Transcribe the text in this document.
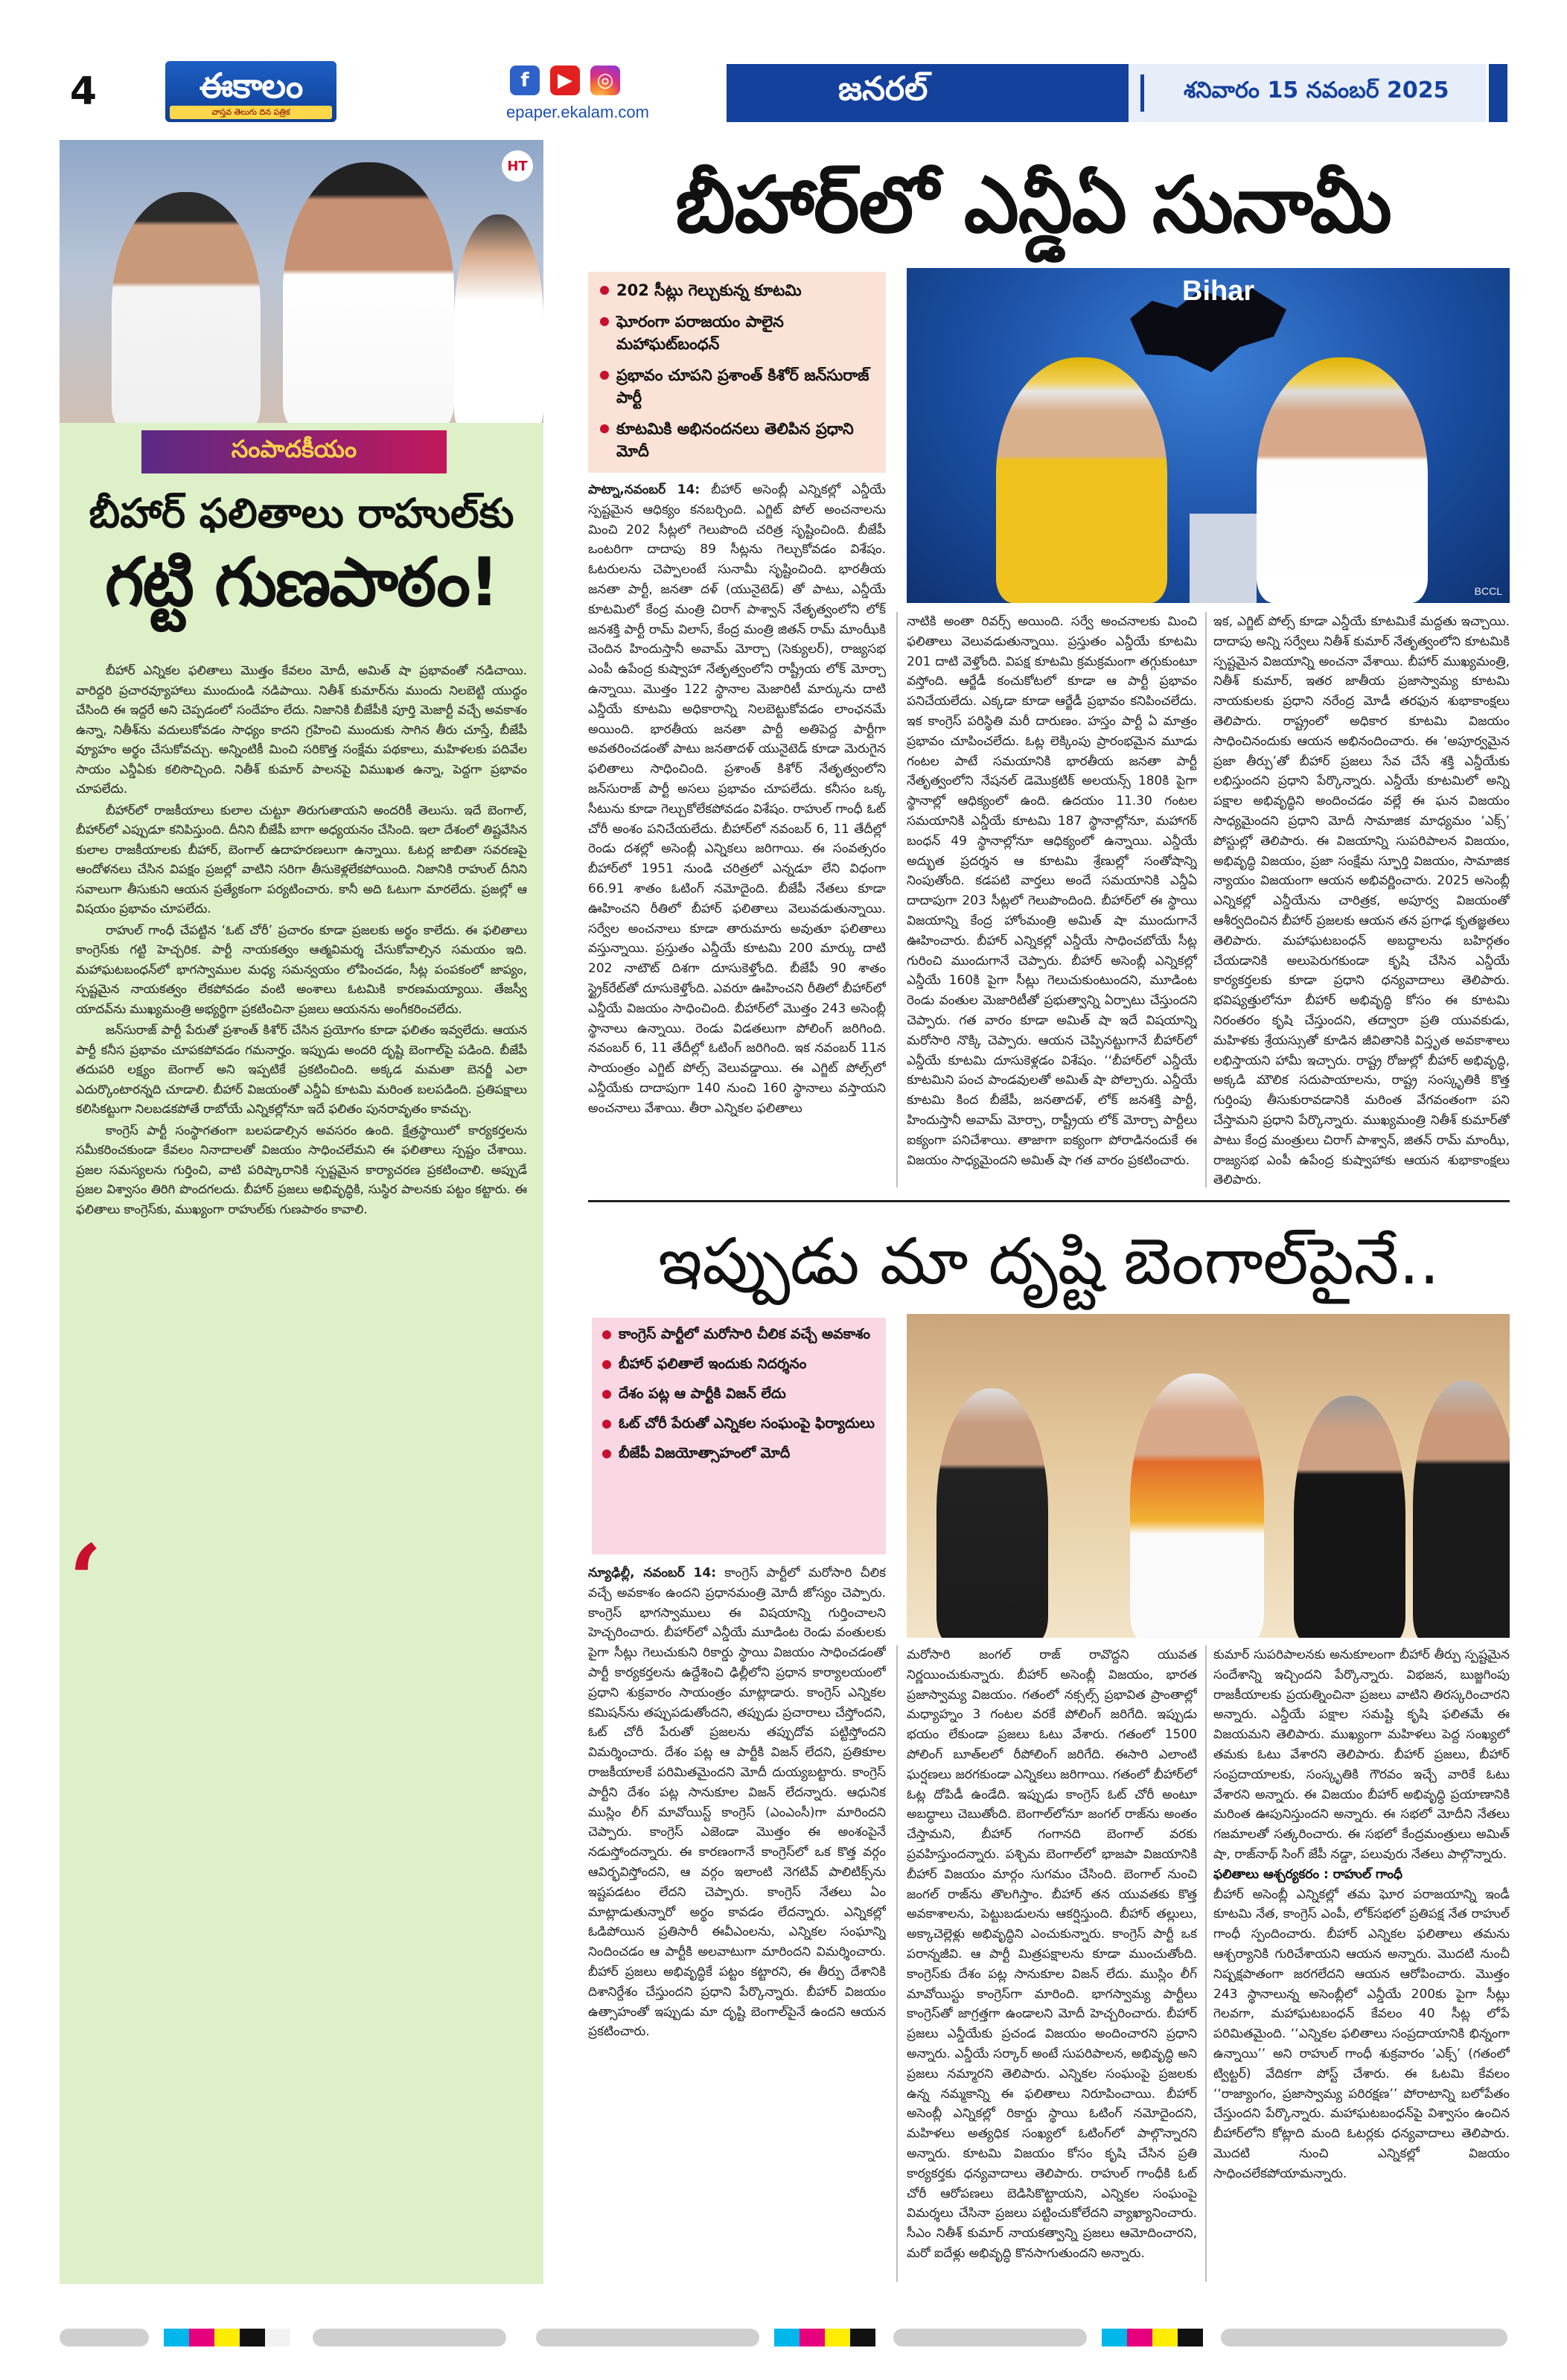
4	ఈకాలం
వాస్తవ తెలుగు దిన పత్రిక
f	▶	◎
epaper.ekalam.com
జనరల్	శనివారం 15 నవంబర్ 2025
HT
సంపాదకీయం
బీహార్ ఫలితాలు రాహుల్‌కు
గట్టి గుణపాఠం!

బీహార్ ఎన్నికల ఫలితాలు మొత్తం కేవలం మోదీ, అమిత్ షా ప్రభావంతో నడిచాయి. వారిద్దరి ప్రచారవ్యూహాలు ముందుండి నడిపాయి. నితీశ్ కుమార్‌ను ముందు నిలబెట్టి యుద్ధం చేసింది ఈ ఇద్దరే అని చెప్పడంలో సందేహం లేదు. నిజానికి బీజేపీకి పూర్తి మెజార్టీ వచ్చే అవకాశం ఉన్నా, నితీశ్‌ను వదులుకోవడం సాధ్యం కాదని గ్రహించి ముందుకు సాగిన తీరు చూస్తే, బీజేపీ వ్యూహం అర్థం చేసుకోవచ్చు. అన్నింటికీ మించి సరికొత్త సంక్షేమ పథకాలు, మహిళలకు పదివేల సాయం ఎన్డీఏకు కలిసొచ్చింది. నితీశ్ కుమార్ పాలనపై విముఖత ఉన్నా, పెద్దగా ప్రభావం చూపలేదు.

బీహార్‌లో రాజకీయాలు కులాల చుట్టూ తిరుగుతాయని అందరికీ తెలుసు. ఇదే బెంగాల్, బీహార్‌లో ఎప్పుడూ కనిపిస్తుంది. దీనిని బీజేపీ బాగా అధ్యయనం చేసింది. ఇలా దేశంలో తిష్టవేసిన కులాల రాజకీయాలకు బీహార్, బెంగాల్ ఉదాహరణలుగా ఉన్నాయి. ఓటర్ల జాబితా సవరణపై ఆందోళనలు చేసిన విపక్షం ప్రజల్లో వాటిని సరిగా తీసుకెళ్లలేకపోయింది. నిజానికి రాహుల్ దీనిని సవాలుగా తీసుకుని ఆయన ప్రత్యేకంగా పర్యటించారు. కానీ అది ఓటుగా మారలేదు. ప్రజల్లో ఆ విషయం ప్రభావం చూపలేదు.

రాహుల్ గాంధీ చేపట్టిన ‘ఓట్ చోరీ’ ప్రచారం కూడా ప్రజలకు అర్థం కాలేదు. ఈ ఫలితాలు కాంగ్రెస్‌కు గట్టి హెచ్చరిక. పార్టీ నాయకత్వం ఆత్మవిమర్శ చేసుకోవాల్సిన సమయం ఇది. మహాఘటబంధన్‌లో భాగస్వాముల మధ్య సమన్వయం లోపించడం, సీట్ల పంపకంలో జాప్యం, స్పష్టమైన నాయకత్వం లేకపోవడం వంటి అంశాలు ఓటమికి కారణమయ్యాయి. తేజస్వీ యాదవ్‌ను ముఖ్యమంత్రి అభ్యర్థిగా ప్రకటించినా ప్రజలు ఆయనను అంగీకరించలేదు.

జన్‌సురాజ్ పార్టీ పేరుతో ప్రశాంత్ కిశోర్ చేసిన ప్రయోగం కూడా ఫలితం ఇవ్వలేదు. ఆయన పార్టీ కనీస ప్రభావం చూపకపోవడం గమనార్హం. ఇప్పుడు అందరి దృష్టి బెంగాల్‌పై పడింది. బీజేపీ తదుపరి లక్ష్యం బెంగాల్ అని ఇప్పటికే ప్రకటించింది. అక్కడ మమతా బెనర్జీ ఎలా ఎదుర్కొంటారన్నది చూడాలి. బీహార్ విజయంతో ఎన్డీఏ కూటమి మరింత బలపడింది. ప్రతిపక్షాలు కలిసికట్టుగా నిలబడకపోతే రాబోయే ఎన్నికల్లోనూ ఇదే ఫలితం పునరావృతం కావచ్చు.

కాంగ్రెస్ పార్టీ సంస్థాగతంగా బలపడాల్సిన అవసరం ఉంది. క్షేత్రస్థాయిలో కార్యకర్తలను సమీకరించకుండా కేవలం నినాదాలతో విజయం సాధించలేమని ఈ ఫలితాలు స్పష్టం చేశాయి. ప్రజల సమస్యలను గుర్తించి, వాటి పరిష్కారానికి స్పష్టమైన కార్యాచరణ ప్రకటించాలి. అప్పుడే ప్రజల విశ్వాసం తిరిగి పొందగలదు. బీహార్ ప్రజలు అభివృద్ధికి, సుస్థిర పాలనకు పట్టం కట్టారు. ఈ ఫలితాలు కాంగ్రెస్‌కు, ముఖ్యంగా రాహుల్‌కు గుణపాఠం కావాలి.

‘
బీహార్‌లో ఎన్డీఏ సునామీ
202 సీట్లు గెల్చుకున్న కూటమి
ఘోరంగా పరాజయం పాలైన మహాఘట్‌బంధన్
ప్రభావం చూపని ప్రశాంత్ కిశోర్ జన్‌సురాజ్ పార్టీ
కూటమికి అభినందనలు తెలిపిన ప్రధాని మోదీ
Bihar
BCCL

పాట్నా,నవంబర్ 14: బీహార్ అసెంబ్లీ ఎన్నికల్లో ఎన్డీయే స్పష్టమైన ఆధిక్యం కనబర్చింది. ఎగ్జిట్ పోల్ అంచనాలను మించి 202 సీట్లలో గెలుపొంది చరిత్ర సృష్టించింది. బీజేపీ ఒంటరిగా దాదాపు 89 సీట్లను గెల్చుకోవడం విశేషం. ఓటరులను చెప్పాలంటే సునామీ సృష్టించింది. భారతీయ జనతా పార్టీ, జనతా దళ్ (యునైటెడ్) తో పాటు, ఎన్డీయే కూటమిలో కేంద్ర మంత్రి చిరాగ్ పాశ్వాన్ నేతృత్వంలోని లోక్ జనశక్తి పార్టీ రామ్ విలాస్, కేంద్ర మంత్రి జితన్ రామ్ మాంఝీకి చెందిన హిందుస్తానీ అవామ్ మోర్చా (సెక్యులర్), రాజ్యసభ ఎంపీ ఉపేంద్ర కుష్వాహా నేతృత్వంలోని రాష్ట్రీయ లోక్ మోర్చా ఉన్నాయి. మొత్తం 122 స్థానాల మెజారిటీ మార్కును దాటి ఎన్డీయే కూటమి అధికారాన్ని నిలబెట్టుకోవడం లాంఛనమే అయింది. భారతీయ జనతా పార్టీ అతిపెద్ద పార్టీగా అవతరించడంతో పాటు జనతాదళ్ యునైటెడ్ కూడా మెరుగైన ఫలితాలు సాధించింది. ప్రశాంత్ కిశోర్ నేతృత్వంలోని జన్‌సురాజ్ పార్టీ అసలు ప్రభావం చూపలేదు. కనీసం ఒక్క సీటును కూడా గెల్చుకోలేకపోవడం విశేషం. రాహుల్ గాంధీ ఓట్ చోరీ అంశం పనిచేయలేదు. బీహార్‌లో నవంబర్ 6, 11 తేదీల్లో రెండు దశల్లో అసెంబ్లీ ఎన్నికలు జరిగాయి. ఈ సంవత్సరం బీహార్‌లో 1951 నుండి చరిత్రలో ఎన్నడూ లేని విధంగా 66.91 శాతం ఓటింగ్ నమోదైంది. బీజేపీ నేతలు కూడా ఊహించని రీతిలో బీహార్ ఫలితాలు వెలువడుతున్నాయి. సర్వేల అంచనాలు కూడా తారుమారు అవుతూ ఫలితాలు వస్తున్నాయి. ప్రస్తుతం ఎన్డీయే కూటమి 200 మార్కు దాటి 202 నాటౌట్ దిశగా దూసుకెళ్తోంది. బీజేపీ 90 శాతం స్ట్రైక్‌రేట్‌తో దూసుకెళ్తోంది. ఎవరూ ఊహించని రీతిలో బీహార్‌లో ఎన్డీయే విజయం సాధించింది. బీహార్‌లో మొత్తం 243 అసెంబ్లీ స్థానాలు ఉన్నాయి. రెండు విడతలుగా పోలింగ్ జరిగింది. నవంబర్ 6, 11 తేదీల్లో ఓటింగ్ జరిగింది. ఇక నవంబర్ 11న సాయంత్రం ఎగ్జిట్ పోల్స్ వెలువడ్డాయి. ఈ ఎగ్జిట్ పోల్స్‌లో ఎన్డీయేకు దాదాపుగా 140 నుంచి 160 స్థానాలు వస్తాయని అంచనాలు వేశాయి. తీరా ఎన్నికల ఫలితాలు

నాటికి అంతా రివర్స్ అయింది. సర్వే అంచనాలకు మించి ఫలితాలు వెలువడుతున్నాయి. ప్రస్తుతం ఎన్డీయే కూటమి 201 దాటి వెళ్తోంది. విపక్ష కూటమి క్రమక్రమంగా తగ్గుకుంటూ వస్తోంది. ఆర్జేడీ కంచుకోటలో కూడా ఆ పార్టీ ప్రభావం పనిచేయలేదు. ఎక్కడా కూడా ఆర్జేడీ ప్రభావం కనిపించలేదు. ఇక కాంగ్రెస్ పరిస్థితి మరీ దారుణం. హస్తం పార్టీ ఏ మాత్రం ప్రభావం చూపించలేదు. ఓట్ల లెక్కింపు ప్రారంభమైన మూడు గంటల పాటే సమయానికి భారతీయ జనతా పార్టీ నేతృత్వంలోని నేషనల్ డెమొక్రటిక్ అలయన్స్ 180కి పైగా స్థానాల్లో ఆధిక్యంలో ఉంది. ఉదయం 11.30 గంటల సమయానికి ఎన్డీయే కూటమి 187 స్థానాల్లోనూ, మహాగఠ్ బంధన్ 49 స్థానాల్లోనూ ఆధిక్యంలో ఉన్నాయి. ఎన్డీయే అద్భుత ప్రదర్శన ఆ కూటమి శ్రేణుల్లో సంతోషాన్ని నింపుతోంది. కడపటి వార్తలు అందే సమయానికి ఎన్డీఏ దాదాపుగా 203 సీట్లలో గెలుపొందింది. బీహార్‌లో ఈ స్థాయి విజయాన్ని కేంద్ర హోంమంత్రి అమిత్ షా ముందుగానే ఊహించారు. బీహార్ ఎన్నికల్లో ఎన్డీయే సాధించబోయే సీట్ల గురించి ముందుగానే చెప్పారు. బీహార్ అసెంబ్లీ ఎన్నికల్లో ఎన్డీయే 160కి పైగా సీట్లు గెలుచుకుంటుందని, మూడింట రెండు వంతుల మెజారిటీతో ప్రభుత్వాన్ని ఏర్పాటు చేస్తుందని చెప్పారు. గత వారం కూడా అమిత్ షా ఇదే విషయాన్ని మరోసారి నొక్కి చెప్పారు. ఆయన చెప్పినట్టుగానే బీహార్‌లో ఎన్డీయే కూటమి దూసుకెళ్లడం విశేషం. ‘‘బీహార్‌లో ఎన్డీయే కూటమిని పంచ పాండవులతో అమిత్ షా పోల్చారు. ఎన్డీయే కూటమి కింద బీజేపీ, జనతాదళ్, లోక్ జనశక్తి పార్టీ, హిందుస్తానీ అవామ్ మోర్చా, రాష్ట్రీయ లోక్ మోర్చా పార్టీలు ఐక్యంగా పనిచేశాయి. తాజాగా ఐక్యంగా పోరాడినందుకే ఈ విజయం సాధ్యమైందని అమిత్ షా గత వారం ప్రకటించారు.

ఇక, ఎగ్జిట్ పోల్స్ కూడా ఎన్డీయే కూటమికే మద్దతు ఇచ్చాయి. దాదాపు అన్ని సర్వేలు నితీశ్ కుమార్ నేతృత్వంలోని కూటమికి స్పష్టమైన విజయాన్ని అంచనా వేశాయి. బీహార్ ముఖ్యమంత్రి, నితీశ్ కుమార్, ఇతర జాతీయ ప్రజాస్వామ్య కూటమి నాయకులకు ప్రధాని నరేంద్ర మోడీ తరఫున శుభాకాంక్షలు తెలిపారు. రాష్ట్రంలో అధికార కూటమి విజయం సాధించినందుకు ఆయన అభినందించారు. ఈ ‘అపూర్వమైన ప్రజా తీర్పు’తో బీహార్ ప్రజలు సేవ చేసే శక్తి ఎన్డీయేకు లభిస్తుందని ప్రధాని పేర్కొన్నారు. ఎన్డీయే కూటమిలో అన్ని పక్షాల అభివృద్ధిని అందించడం వల్లే ఈ ఘన విజయం సాధ్యమైందని ప్రధాని మోదీ సామాజిక మాధ్యమం ‘ఎక్స్’ పోస్టుల్లో తెలిపారు. ఈ విజయాన్ని సుపరిపాలన విజయం, అభివృద్ధి విజయం, ప్రజా సంక్షేమ స్ఫూర్తి విజయం, సామాజిక న్యాయం విజయంగా ఆయన అభివర్ణించారు. 2025 అసెంబ్లీ ఎన్నికల్లో ఎన్డీయేను చారిత్రక, అపూర్వ విజయంతో ఆశీర్వదించిన బీహార్ ప్రజలకు ఆయన తన ప్రగాఢ కృతజ్ఞతలు తెలిపారు. మహాఘటబంధన్ అబద్ధాలను బహిర్గతం చేయడానికి అలుపెరుగకుండా కృషి చేసిన ఎన్డీయే కార్యకర్తలకు కూడా ప్రధాని ధన్యవాదాలు తెలిపారు. భవిష్యత్తులోనూ బీహార్ అభివృద్ధి కోసం ఈ కూటమి నిరంతరం కృషి చేస్తుందని, తద్వారా ప్రతి యువకుడు, మహిళకు శ్రేయస్సుతో కూడిన జీవితానికి విస్తృత అవకాశాలు లభిస్తాయని హామీ ఇచ్చారు. రాష్ట్ర రోజుల్లో బీహార్ అభివృద్ధి, అక్కడి మౌలిక సదుపాయాలను, రాష్ట్ర సంస్కృతికి కొత్త గుర్తింపు తీసుకురావడానికి మరింత వేగవంతంగా పని చేస్తామని ప్రధాని పేర్కొన్నారు. ముఖ్యమంత్రి నితీశ్ కుమార్‌తో పాటు కేంద్ర మంత్రులు చిరాగ్ పాశ్వాన్, జితన్ రామ్ మాంఝీ, రాజ్యసభ ఎంపీ ఉపేంద్ర కుష్వాహాకు ఆయన శుభాకాంక్షలు తెలిపారు.

ఇప్పుడు మా దృష్టి బెంగాల్‌పైనే..
కాంగ్రెస్ పార్టీలో మరోసారి చీలిక వచ్చే అవకాశం
బీహార్ ఫలితాలే ఇందుకు నిదర్శనం
దేశం పట్ల ఆ పార్టీకి విజన్ లేదు
ఓట్ చోరీ పేరుతో ఎన్నికల సంఘంపై ఫిర్యాదులు
బీజేపీ విజయోత్సాహంలో మోదీ

న్యూఢిల్లీ, నవంబర్ 14: కాంగ్రెస్ పార్టీలో మరోసారి చీలిక వచ్చే అవకాశం ఉందని ప్రధానమంత్రి మోదీ జోస్యం చెప్పారు. కాంగ్రెస్ భాగస్వాములు ఈ విషయాన్ని గుర్తించాలని హెచ్చరించారు. బీహార్‌లో ఎన్డీయే మూడింట రెండు వంతులకు పైగా సీట్లు గెలుచుకుని రికార్డు స్థాయి విజయం సాధించడంతో పార్టీ కార్యకర్తలను ఉద్దేశించి ఢిల్లీలోని ప్రధాన కార్యాలయంలో ప్రధాని శుక్రవారం సాయంత్రం మాట్లాడారు. కాంగ్రెస్ ఎన్నికల కమిషన్‌ను తప్పుపడుతోందని, తప్పుడు ప్రచారాలు చేస్తోందని, ఓట్ చోరీ పేరుతో ప్రజలను తప్పుదోవ పట్టిస్తోందని విమర్శించారు. దేశం పట్ల ఆ పార్టీకి విజన్ లేదని, ప్రతికూల రాజకీయాలకే పరిమితమైందని మోదీ దుయ్యబట్టారు. కాంగ్రెస్ పార్టీని దేశం పట్ల సానుకూల విజన్ లేదన్నారు. ఆధునిక ముస్లిం లీగ్ మావోయిస్ట్ కాంగ్రెస్ (ఎంఎంసీ)గా మారిందని చెప్పారు. కాంగ్రెస్ ఎజెండా మొత్తం ఈ అంశంపైనే నడుస్తోందన్నారు. ఈ కారణంగానే కాంగ్రెస్‌లో ఒక కొత్త వర్గం ఆవిర్భవిస్తోందని, ఆ వర్గం ఇలాంటి నెగటివ్ పాలిటిక్స్‌ను ఇష్టపడటం లేదని చెప్పారు. కాంగ్రెస్ నేతలు ఏం మాట్లాడుతున్నారో అర్థం కావడం లేదన్నారు. ఎన్నికల్లో ఓడిపోయిన ప్రతిసారీ ఈవీఎంలను, ఎన్నికల సంఘాన్ని నిందించడం ఆ పార్టీకి అలవాటుగా మారిందని విమర్శించారు. బీహార్ ప్రజలు అభివృద్ధికే పట్టం కట్టారని, ఈ తీర్పు దేశానికి దిశానిర్దేశం చేస్తుందని ప్రధాని పేర్కొన్నారు. బీహార్ విజయం ఉత్సాహంతో ఇప్పుడు మా దృష్టి బెంగాల్‌పైనే ఉందని ఆయన ప్రకటించారు.

మరోసారి జంగల్ రాజ్ రావొద్దని యువత నిర్ణయించుకున్నారు. బీహార్ అసెంబ్లీ విజయం, భారత ప్రజాస్వామ్య విజయం. గతంలో నక్సల్స్ ప్రభావిత ప్రాంతాల్లో మధ్యాహ్నం 3 గంటల వరకే పోలింగ్ జరిగేది. ఇప్పుడు భయం లేకుండా ప్రజలు ఓటు వేశారు. గతంలో 1500 పోలింగ్ బూత్‌లలో రీపోలింగ్ జరిగేది. ఈసారి ఎలాంటి ఘర్షణలు జరగకుండా ఎన్నికలు జరిగాయి. గతంలో బీహార్‌లో ఓట్ల దోపిడీ ఉండేది. ఇప్పుడు కాంగ్రెస్ ఓట్ చోరీ అంటూ అబద్ధాలు చెబుతోంది. బెంగాల్‌లోనూ జంగల్ రాజ్‌ను అంతం చేస్తామని, బీహార్ గంగానది బెంగాల్ వరకు ప్రవహిస్తుందన్నారు. పశ్చిమ బెంగాల్‌లో భాజపా విజయానికి బీహార్ విజయం మార్గం సుగమం చేసింది. బెంగాల్ నుంచి జంగల్ రాజ్‌ను తొలగిస్తాం. బీహార్ తన యువతకు కొత్త అవకాశాలను, పెట్టుబడులను ఆకర్షిస్తుంది. బీహార్ తల్లులు, అక్కాచెల్లెళ్లు అభివృద్ధిని ఎంచుకున్నారు. కాంగ్రెస్ పార్టీ ఒక పరాన్నజీవి. ఆ పార్టీ మిత్రపక్షాలను కూడా ముంచుతోంది. కాంగ్రెస్‌కు దేశం పట్ల సానుకూల విజన్ లేదు. ముస్లిం లీగ్ మావోయిస్టు కాంగ్రెస్‌గా మారింది. భాగస్వామ్య పార్టీలు కాంగ్రెస్‌తో జాగ్రత్తగా ఉండాలని మోదీ హెచ్చరించారు. బీహార్ ప్రజలు ఎన్డీయేకు ప్రచండ విజయం అందించారని ప్రధాని అన్నారు. ఎన్డీయే సర్కార్ అంటే సుపరిపాలన, అభివృద్ధి అని ప్రజలు నమ్మారని తెలిపారు. ఎన్నికల సంఘంపై ప్రజలకు ఉన్న నమ్మకాన్ని ఈ ఫలితాలు నిరూపించాయి. బీహార్ అసెంబ్లీ ఎన్నికల్లో రికార్డు స్థాయి ఓటింగ్ నమోదైందని, మహిళలు అత్యధిక సంఖ్యలో ఓటింగ్‌లో పాల్గొన్నారని అన్నారు. కూటమి విజయం కోసం కృషి చేసిన ప్రతి కార్యకర్తకు ధన్యవాదాలు తెలిపారు. రాహుల్ గాంధీకి ఓట్ చోరీ ఆరోపణలు బెడిసికొట్టాయని, ఎన్నికల సంఘంపై విమర్శలు చేసినా ప్రజలు పట్టించుకోలేదని వ్యాఖ్యానించారు. సీఎం నితీశ్ కుమార్ నాయకత్వాన్ని ప్రజలు ఆమోదించారని, మరో ఐదేళ్లు అభివృద్ధి కొనసాగుతుందని అన్నారు.

కుమార్ సుపరిపాలనకు అనుకూలంగా బీహార్ తీర్పు స్పష్టమైన సందేశాన్ని ఇచ్చిందని పేర్కొన్నారు. విభజన, బుజ్జగింపు రాజకీయాలకు ప్రయత్నించినా ప్రజలు వాటిని తిరస్కరించారని అన్నారు. ఎన్డీయే పక్షాల సమష్టి కృషి ఫలితమే ఈ విజయమని తెలిపారు. ముఖ్యంగా మహిళలు పెద్ద సంఖ్యలో తమకు ఓటు వేశారని తెలిపారు. బీహార్ ప్రజలు, బీహార్ సంప్రదాయాలకు, సంస్కృతికి గౌరవం ఇచ్చే వారికే ఓటు వేశారని అన్నారు. ఈ విజయం బీహార్ అభివృద్ధి ప్రయాణానికి మరింత ఊపునిస్తుందని అన్నారు. ఈ సభలో మోదీని నేతలు గజమాలతో సత్కరించారు. ఈ సభలో కేంద్రమంత్రులు అమిత్ షా, రాజ్‌నాథ్ సింగ్ జేపీ నడ్డా, పలువురు నేతలు పాల్గొన్నారు.

ఫలితాలు ఆశ్చర్యకరం : రాహుల్ గాంధీ

బీహార్ అసెంబ్లీ ఎన్నికల్లో తమ ఘోర పరాజయాన్ని ఇండీ కూటమి నేత, కాంగ్రెస్ ఎంపీ, లోక్‌సభలో ప్రతిపక్ష నేత రాహుల్ గాంధీ స్పందించారు. బీహార్ ఎన్నికల ఫలితాలు తమను ఆశ్చర్యానికి గురిచేశాయని ఆయన అన్నారు. మొదటి నుంచీ నిష్పక్షపాతంగా జరగలేదని ఆయన ఆరోపించారు. మొత్తం 243 స్థానాలున్న అసెంబ్లీలో ఎన్డీయే 200కు పైగా సీట్లు గెలవగా, మహాఘటబంధన్ కేవలం 40 సీట్ల లోపే పరిమితమైంది. ‘‘ఎన్నికల ఫలితాలు సంప్రదాయానికి భిన్నంగా ఉన్నాయి’’ అని రాహుల్ గాంధీ శుక్రవారం ‘ఎక్స్’ (గతంలో ట్విట్టర్) వేదికగా పోస్ట్ చేశారు. ఈ ఓటమి కేవలం ‘‘రాజ్యాంగం, ప్రజాస్వామ్య పరిరక్షణ’’ పోరాటాన్ని బలోపేతం చేస్తుందని పేర్కొన్నారు. మహాఘటబంధన్‌పై విశ్వాసం ఉంచిన బీహార్‌లోని కోట్లాది మంది ఓటర్లకు ధన్యవాదాలు తెలిపారు. మొదటి నుంచి ఎన్నికల్లో విజయం సాధించలేకపోయామన్నారు.
